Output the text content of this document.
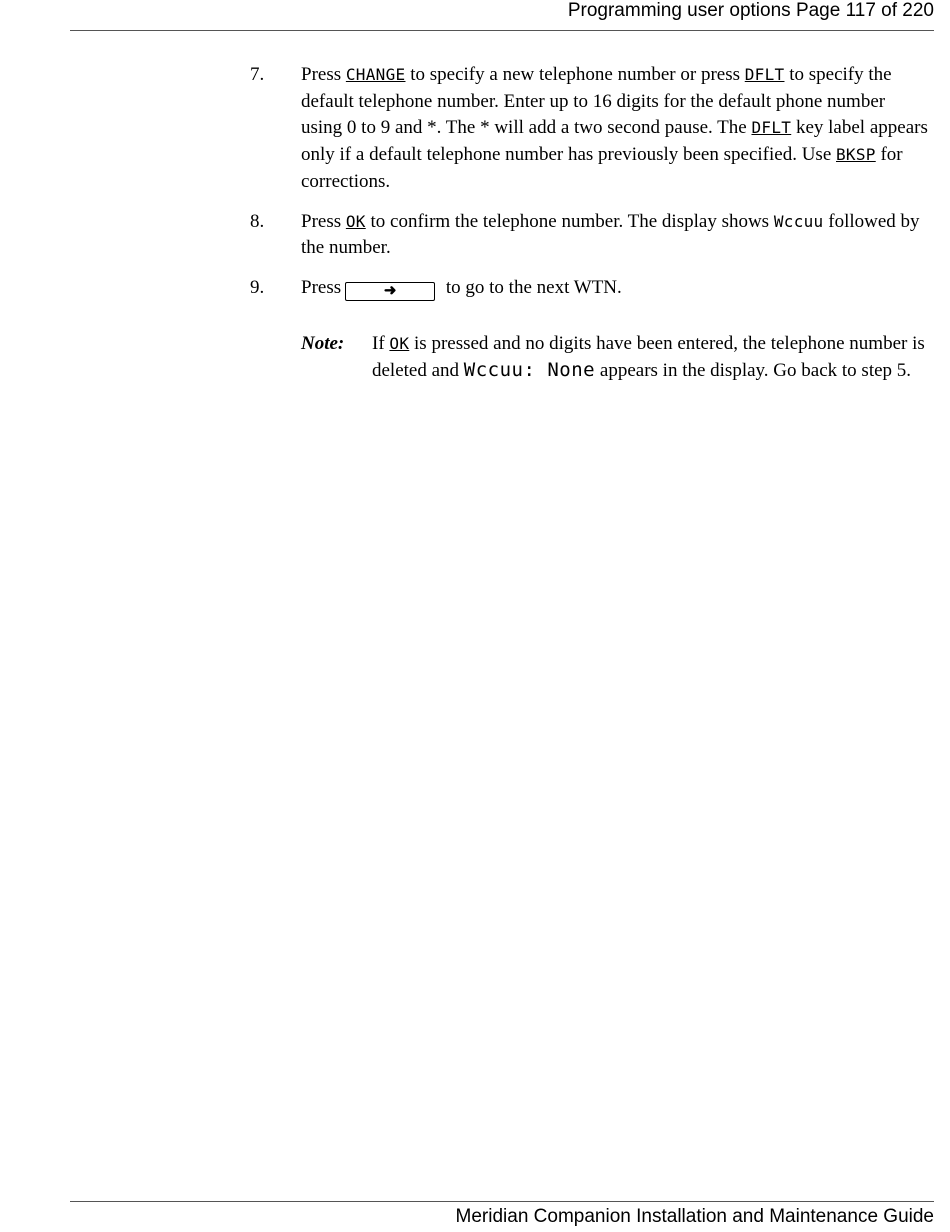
Programming user options Page 117 of 220
7. Press CHANGE to specify a new telephone number or press DFLT to specify the default telephone number. Enter up to 16 digits for the default phone number using 0 to 9 and *. The * will add a two second pause. The DFLT key label appears only if a default telephone number has previously been specified. Use BKSP for corrections.
8. Press OK to confirm the telephone number. The display shows Wccuu followed by the number.
9. Press	➜ to go to the next WTN.
Note: If OK is pressed and no digits have been entered, the telephone number is deleted and Wccuu: None appears in the display. Go back to step 5.
Meridian Companion Installation and Maintenance Guide
